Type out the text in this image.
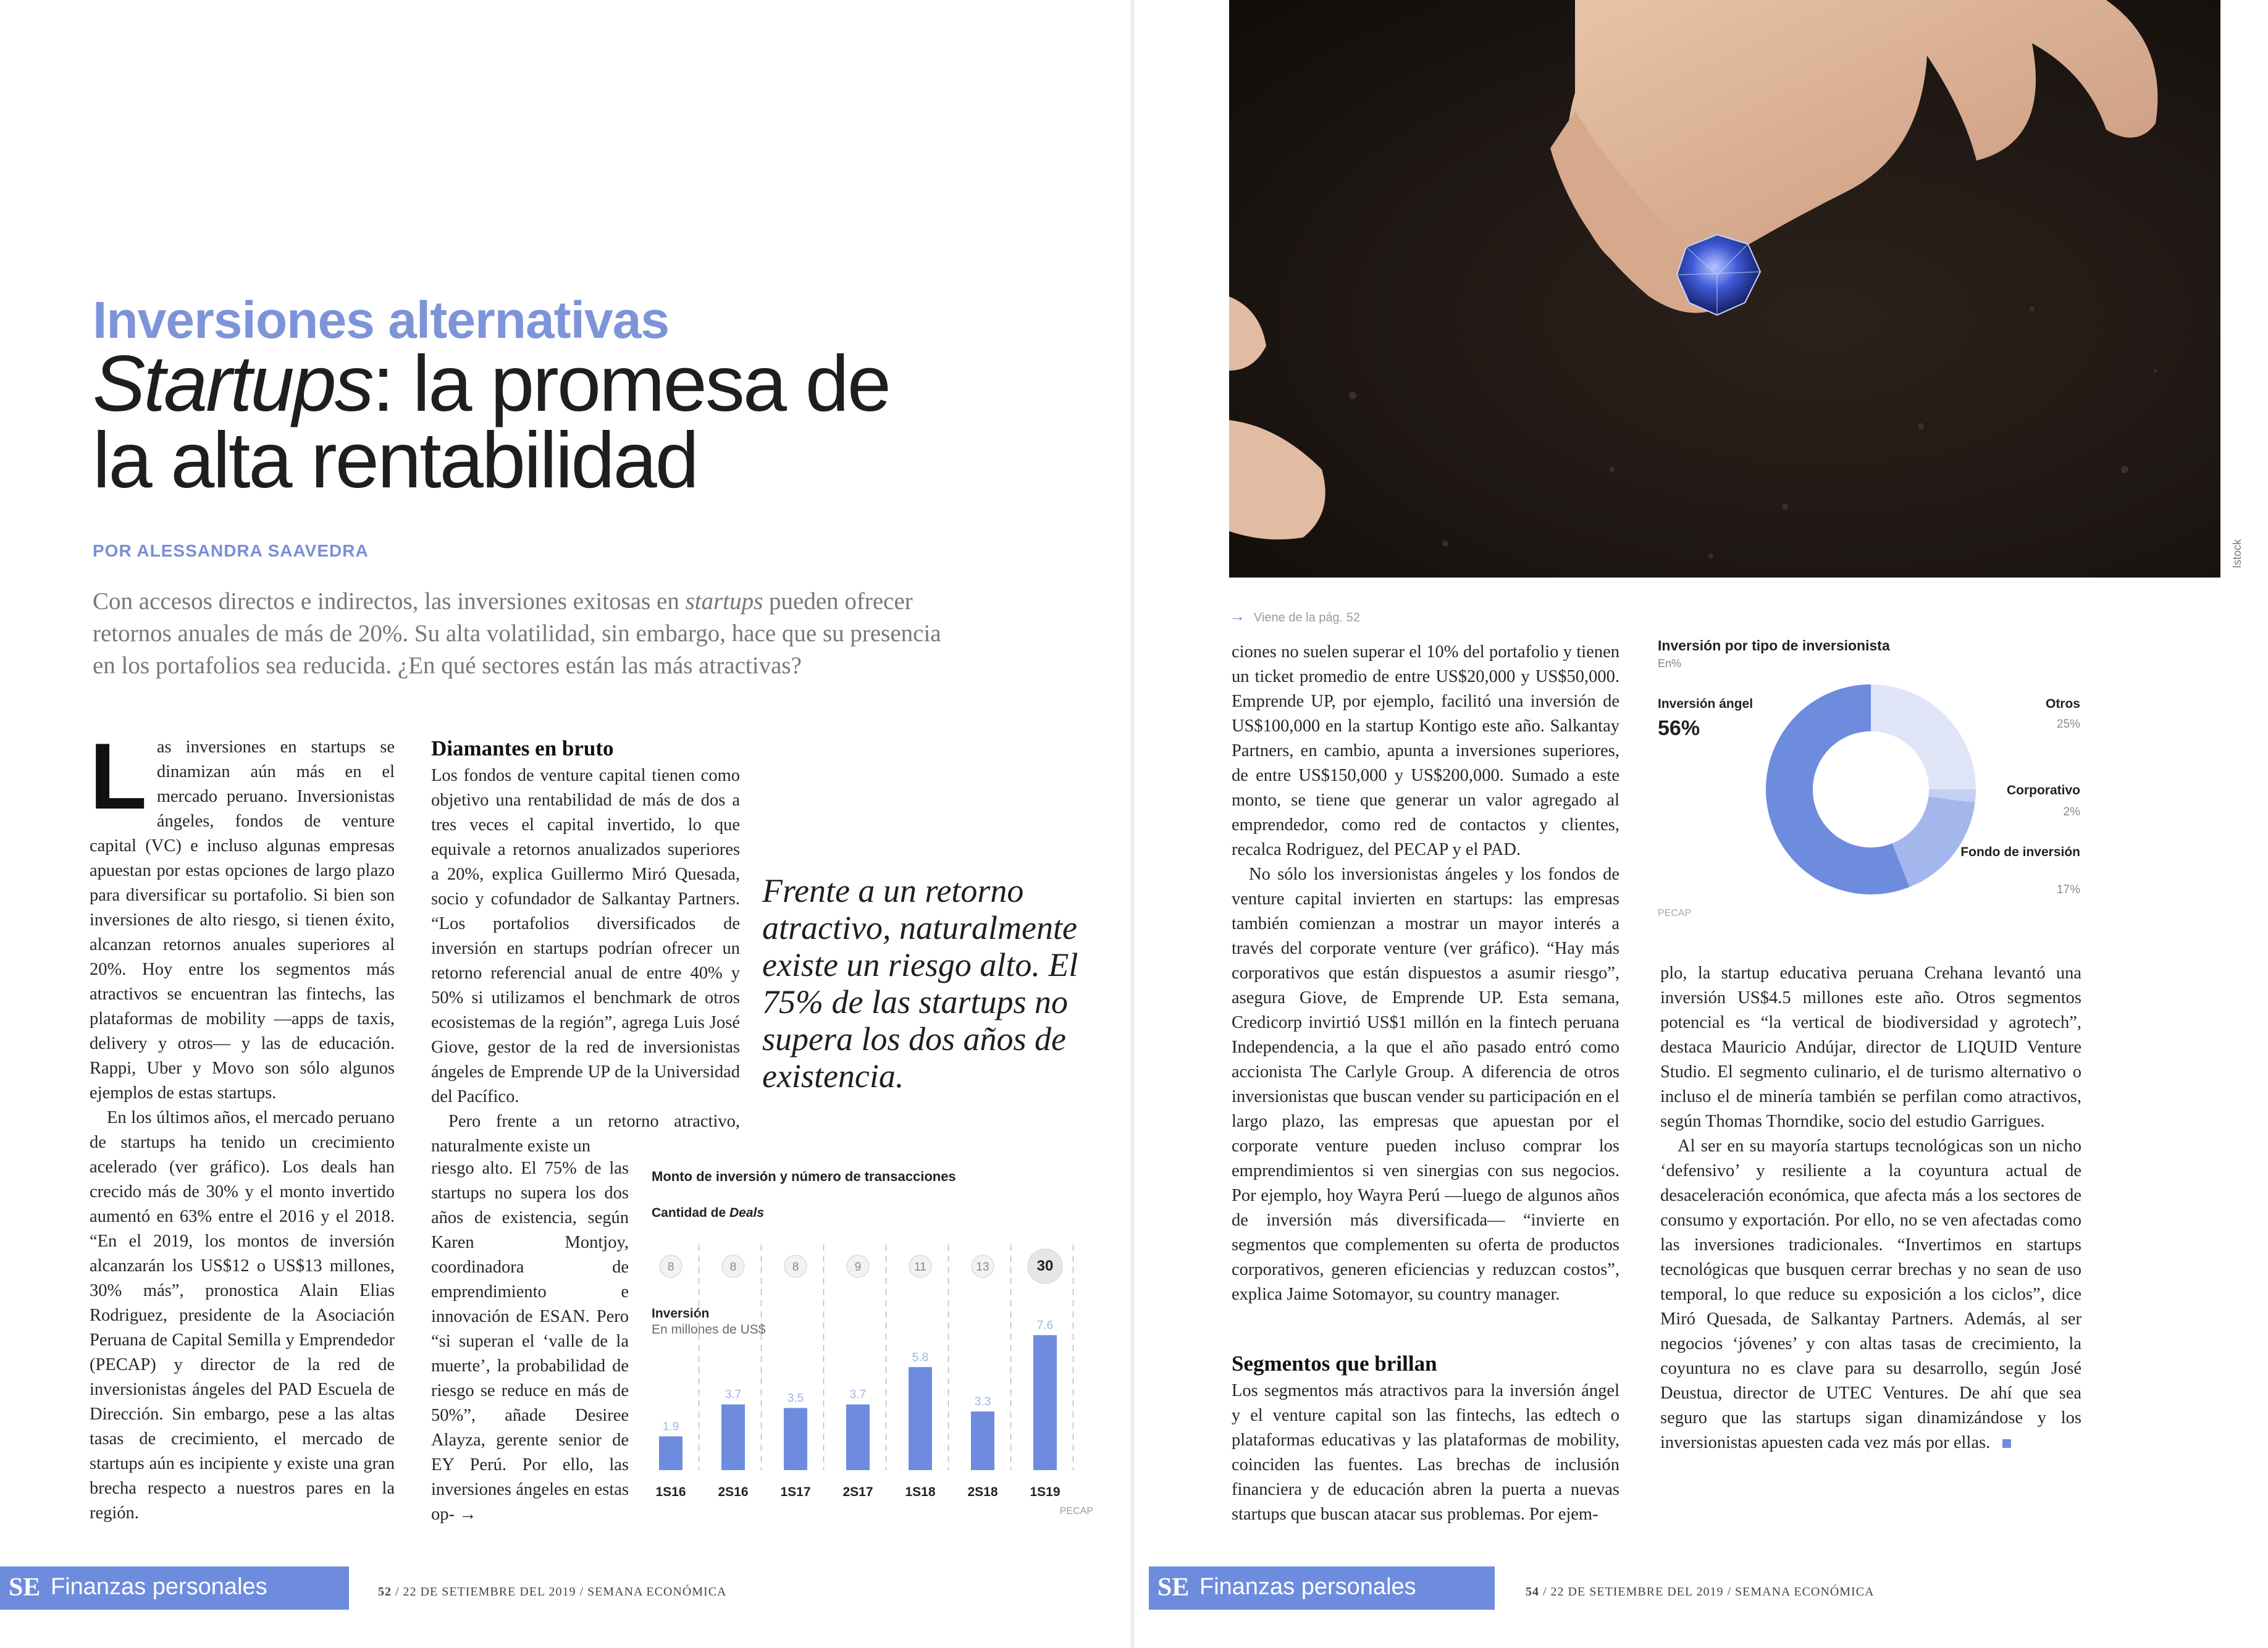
Inversiones alternativas
Startups: la promesa de la alta rentabilidad
POR ALESSANDRA SAAVEDRA

Con accesos directos e indirectos, las inversiones exitosas en startups pueden ofrecer retornos anuales de más de 20%. Su alta volatilidad, sin embargo, hace que su presencia en los portafolios sea reducida. ¿En qué sectores están las más atractivas?

L as inversiones en startups se dinamizan aún más en el mercado peruano. Inversionistas ángeles, fondos de venture capital (VC) e incluso algunas empresas apuestan por estas opciones de largo plazo para diversificar su portafolio. Si bien son inversiones de alto riesgo, si tienen éxito, alcanzan retornos anuales superiores al 20%. Hoy entre los segmentos más atractivos se encuentran las fintechs, las plataformas de mobility —apps de taxis, delivery y otros— y las de educación. Rappi, Uber y Movo son sólo algunos ejemplos de estas startups.

En los últimos años, el mercado peruano de startups ha tenido un crecimiento acelerado (ver gráfico). Los deals han crecido más de 30% y el monto invertido aumentó en 63% entre el 2016 y el 2018. “En el 2019, los montos de inversión alcanzarán los US$12 o US$13 millones, 30% más”, pronostica Alain Elias Rodriguez, presidente de la Asociación Peruana de Capital Semilla y Emprendedor (PECAP) y director de la red de inversionistas ángeles del PAD Escuela de Dirección. Sin embargo, pese a las altas tasas de crecimiento, el mercado de startups aún es incipiente y existe una gran brecha respecto a nuestros pares en la región.

Diamantes en bruto

Los fondos de venture capital tienen como objetivo una rentabilidad de más de dos a tres veces el capital invertido, lo que equivale a retornos anualizados superiores a 20%, explica Guillermo Miró Quesada, socio y cofundador de Salkantay Partners. “Los portafolios diversificados de inversión en startups podrían ofrecer un retorno referencial anual de entre 40% y 50% si utilizamos el benchmark de otros ecosistemas de la región”, agrega Luis José Giove, gestor de la red de inversionistas ángeles de Emprende UP de la Universidad del Pacífico.

Pero frente a un retorno atractivo, naturalmente existe un

riesgo alto. El 75% de las startups no supera los dos años de existencia, según Karen Montjoy, coordinadora de emprendimiento e innovación de ESAN. Pero “si superan el ‘valle de la muerte’, la probabilidad de riesgo se reduce en más de 50%”, añade Desiree Alayza, gerente senior de EY Perú. Por ello, las inversiones ángeles en estas op- →
Frente a un retorno atractivo, naturalmente existe un riesgo alto. El 75% de las startups no supera los dos años de existencia.
Monto de inversión y número de transacciones
Cantidad de Deals
Inversión
En millones de US$
8
1.9
1S16
8
3.7
2S16
8
3.5
1S17
9
3.7
2S17
11
5.8
1S18
13
3.3
2S18
30
7.6
1S19
PECAP
SE Finanzas personales	52 / 22 DE SETIEMBRE DEL 2019 / SEMANA ECONÓMICA
Istock
→ Viene de la pág. 52

ciones no suelen superar el 10% del portafolio y tienen un ticket promedio de entre US$20,000 y US$50,000. Emprende UP, por ejemplo, facilitó una inversión de US$100,000 en la startup Kontigo este año. Salkantay Partners, en cambio, apunta a inversiones superiores, de entre US$150,000 y US$200,000. Sumado a este monto, se tiene que generar un valor agregado al emprendedor, como red de contactos y clientes, recalca Rodriguez, del PECAP y el PAD.

No sólo los inversionistas ángeles y los fondos de venture capital invierten en startups: las empresas también comienzan a mostrar un mayor interés a través del corporate venture (ver gráfico). “Hay más corporativos que están dispuestos a asumir riesgo”, asegura Giove, de Emprende UP. Esta semana, Credicorp invirtió US$1 millón en la fintech peruana Independencia, a la que el año pasado entró como accionista The Carlyle Group. A diferencia de otros inversionistas que buscan vender su participación en el largo plazo, las empresas que apuestan por el corporate venture pueden incluso comprar los emprendimientos si ven sinergias con sus negocios. Por ejemplo, hoy Wayra Perú —luego de algunos años de inversión más diversificada— “invierte en segmentos que complementen su oferta de productos corporativos, generen eficiencias y reduzcan costos”, explica Jaime Sotomayor, su country manager.

Segmentos que brillan

Los segmentos más atractivos para la inversión ángel y el venture capital son las fintechs, las edtech o plataformas educativas y las plataformas de mobility, coinciden las fuentes. Las brechas de inclusión financiera y de educación abren la puerta a nuevas startups que buscan atacar sus problemas. Por ejem-

Inversión por tipo de inversionista
En%
Inversión ángel
56%
Otros
25%
Corporativo
2%
Fondo de inversión
17%
PECAP

plo, la startup educativa peruana Crehana levantó una inversión US$4.5 millones este año. Otros segmentos potencial es “la vertical de biodiversidad y agrotech”, destaca Mauricio Andújar, director de LIQUID Venture Studio. El segmento culinario, el de turismo alternativo o incluso el de minería también se perfilan como atractivos, según Thomas Thorndike, socio del estudio Garrigues.

Al ser en su mayoría startups tecnológicas son un nicho ‘defensivo’ y resiliente a la coyuntura actual de desaceleración económica, que afecta más a los sectores de consumo y exportación. Por ello, no se ven afectadas como las inversiones tradicionales. “Invertimos en startups tecnológicas que busquen cerrar brechas y no sean de uso temporal, lo que reduce su exposición a los ciclos”, dice Miró Quesada, de Salkantay Partners. Además, al ser negocios ‘jóvenes’ y con altas tasas de crecimiento, la coyuntura no es clave para su desarrollo, según José Deustua, director de UTEC Ventures. De ahí que sea seguro que las startups sigan dinamizándose y los inversionistas apuesten cada vez más por ellas.

SE Finanzas personales	54 / 22 DE SETIEMBRE DEL 2019 / SEMANA ECONÓMICA
